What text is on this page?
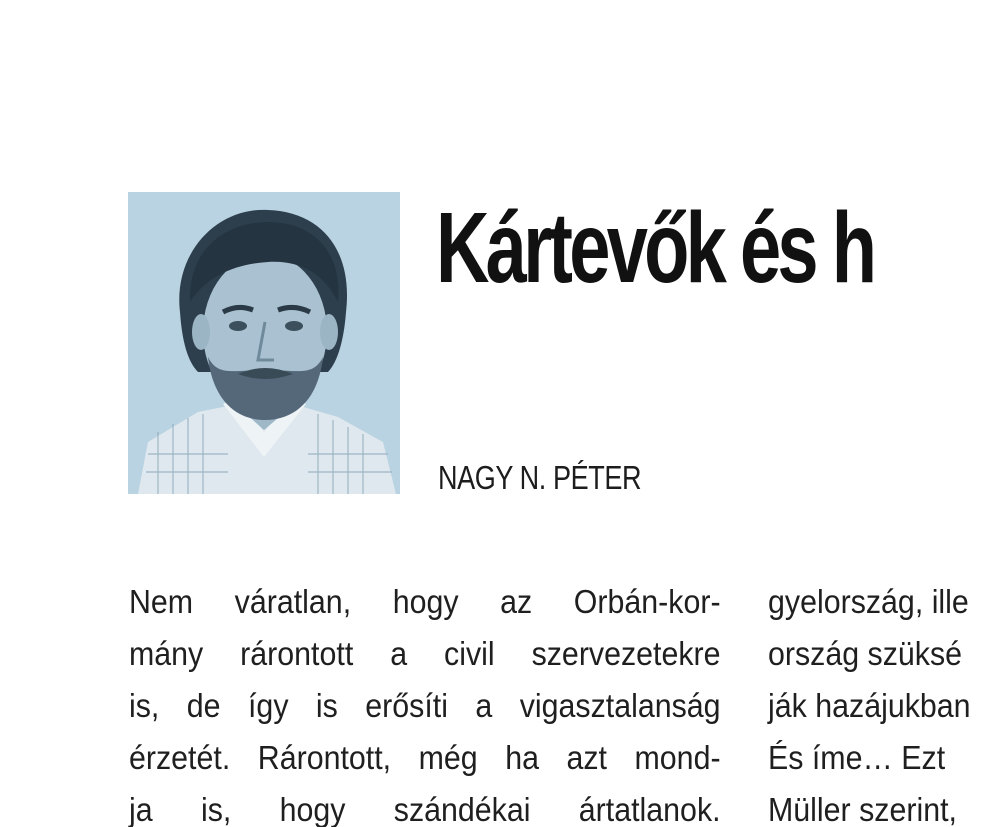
Kártevők és h
NAGY N. PÉTER
Nem váratlan, hogy az Orbán-kor-
mány rárontott a civil szervezetekre
is, de így is erősíti a vigasztalanság
érzetét. Rárontott, még ha azt mond-
ja is, hogy szándékai ártatlanok.
gyelország, ille
ország szüksé
ják hazájukban
És íme… Ezt
Müller szerint,
